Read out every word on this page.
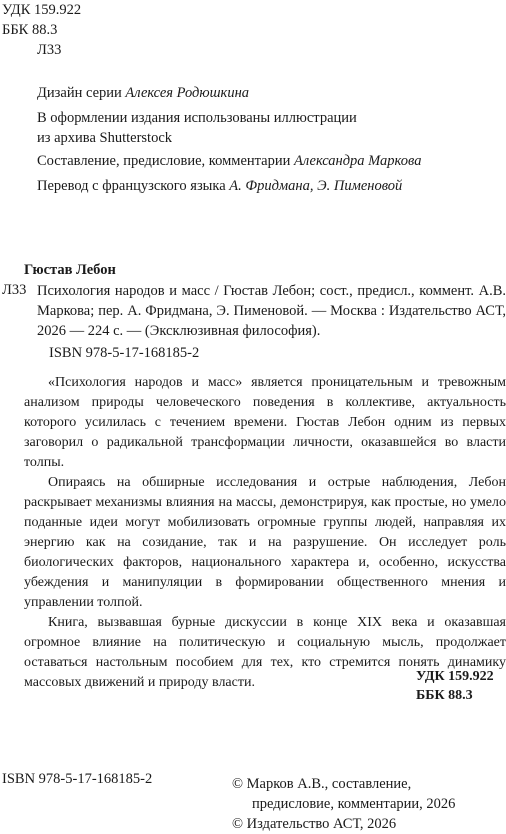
УДК 159.922
ББК 88.3
Л33
Дизайн серии Алексея Родюшкина
В оформлении издания использованы иллюстрации
из архива Shutterstock
Составление, предисловие, комментарии Александра Маркова
Перевод с французского языка А. Фридмана, Э. Пименовой
Гюстав Лебон
Л33 Психология народов и масс / Гюстав Лебон; сост., предисл., коммент. А.В. Маркова; пер. А. Фридмана, Э. Пименовой. — Москва : Издательство АСТ, 2026 — 224 с. — (Эксклюзивная философия).
ISBN 978-5-17-168185-2

«Психология народов и масс» является проницательным и тревожным анализом природы человеческого поведения в коллективе, актуальность которого усилилась с течением времени. Гюстав Лебон одним из первых заговорил о радикальной трансформации личности, оказавшейся во власти толпы.

Опираясь на обширные исследования и острые наблюдения, Лебон раскрывает механизмы влияния на массы, демонстрируя, как простые, но умело поданные идеи могут мобилизовать огромные группы людей, направляя их энергию как на созидание, так и на разрушение. Он исследует роль биологических факторов, национального характера и, особенно, искусства убеждения и манипуляции в формировании общественного мнения и управлении толпой.

Книга, вызвавшая бурные дискуссии в конце XIX века и оказавшая огромное влияние на политическую и социальную мысль, продолжает оставаться настольным пособием для тех, кто стремится понять динамику массовых движений и природу власти.	УДК 159.922
ББК 88.3
ISBN 978-5-17-168185-2	© Марков А.В., составление,
предисловие, комментарии, 2026
© Издательство АСТ, 2026
